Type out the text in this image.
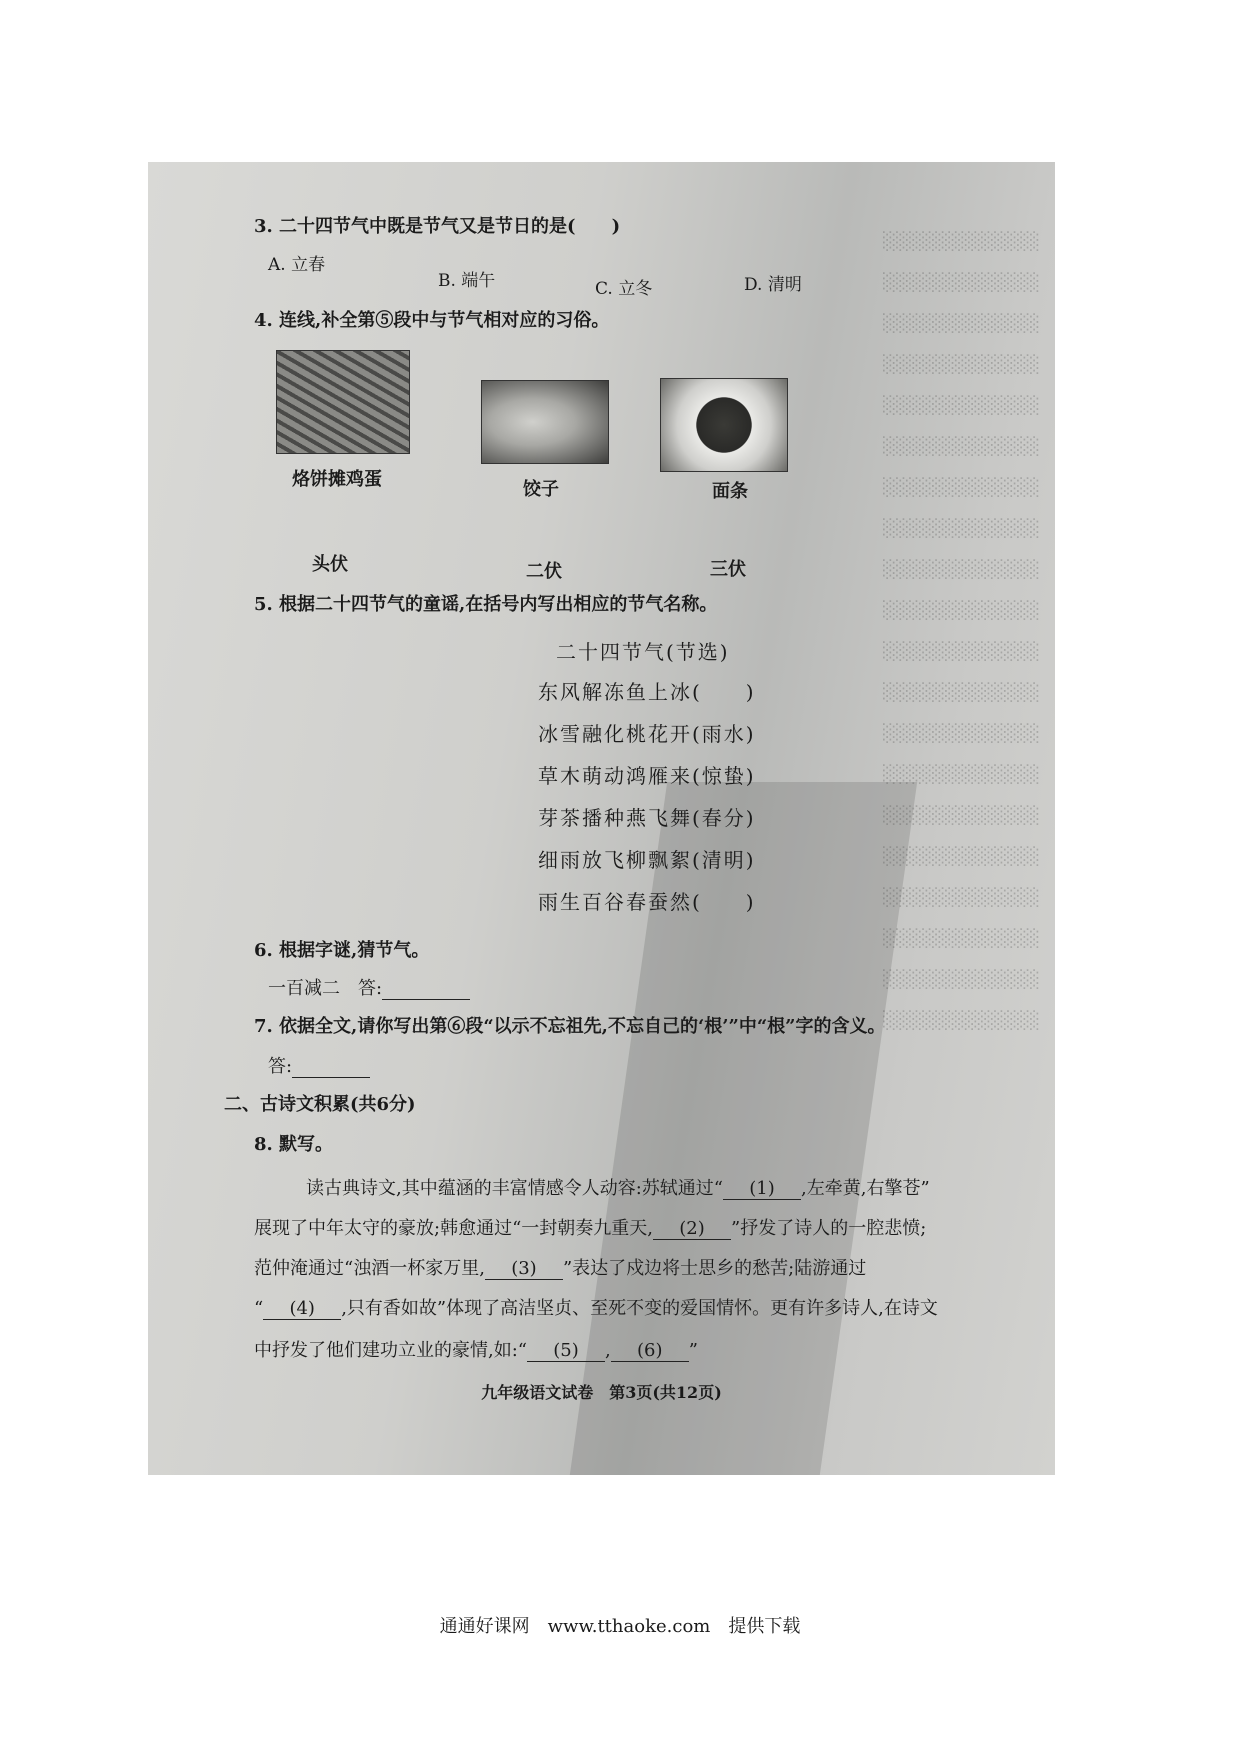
░░░░░░░░░░░░
░░░░░░░░░░░░
░░░░░░░░░░░░
░░░░░░░░░░░░
░░░░░░░░░░░░
░░░░░░░░░░░░
░░░░░░░░░░░░
░░░░░░░░░░░░
░░░░░░░░░░░░
░░░░░░░░░░░░
░░░░░░░░░░░░
░░░░░░░░░░░░
░░░░░░░░░░░░
░░░░░░░░░░░░
░░░░░░░░░░░░
░░░░░░░░░░░░
░░░░░░░░░░░░
░░░░░░░░░░░░
░░░░░░░░░░░░
░░░░░░░░░░░░
3. 二十四节气中既是节气又是节日的是(　　)
A. 立春
B. 端午	C. 立冬	D. 清明
4. 连线,补全第⑤段中与节气相对应的习俗。
烙饼摊鸡蛋	饺子	面条
头伏	二伏	三伏
5. 根据二十四节气的童谣,在括号内写出相应的节气名称。
二十四节气(节选)
东风解冻鱼上冰(　　)
冰雪融化桃花开(雨水)
草木萌动鸿雁来(惊蛰)
芽茶播种燕飞舞(春分)
细雨放飞柳飘絮(清明)
雨生百谷春蚕然(　　)
6. 根据字谜,猜节气。
一百减二　答:
7. 依据全文,请你写出第⑥段“以示不忘祖先,不忘自己的‘根’”中“根”字的含义。
答:
二、古诗文积累(共6分)
8. 默写。
读古典诗文,其中蕴涵的丰富情感令人动容:苏轼通过“ (1) ,左牵黄,右擎苍”
展现了中年太守的豪放;韩愈通过“一封朝奏九重天, (2) ”抒发了诗人的一腔悲愤;
范仲淹通过“浊酒一杯家万里, (3) ”表达了戍边将士思乡的愁苦;陆游通过
“ (4) ,只有香如故”体现了高洁坚贞、至死不变的爱国情怀。更有许多诗人,在诗文
中抒发了他们建功立业的豪情,如:“ (5) , (6) ”
九年级语文试卷　第3页(共12页)
通通好课网　www.tthaoke.com　提供下载
